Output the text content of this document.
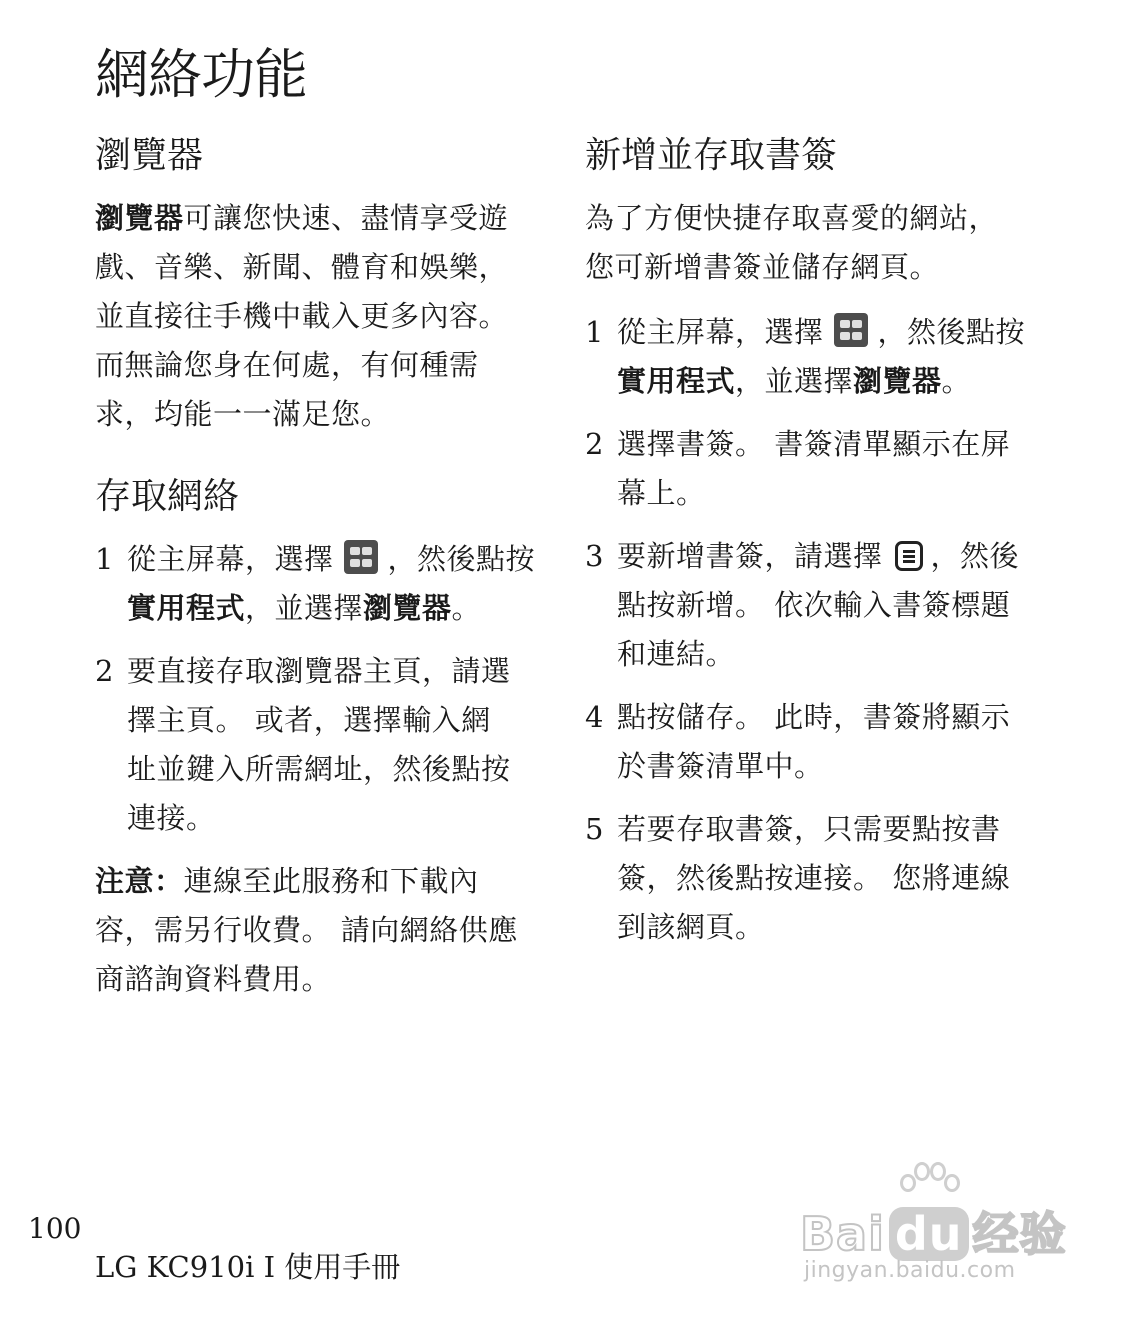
網絡功能
瀏覽器

瀏覽器可讓您快速、盡情享受遊
戲、音樂、新聞、體育和娛樂，
並直接往手機中載入更多內容。
而無論您身在何處，有何種需
求，均能一一滿足您。

存取網絡
1 從主屏幕，選擇 ，然後點按
實用程式，並選擇瀏覽器。
2 要直接存取瀏覽器主頁，請選
擇主頁。 或者，選擇輸入網
址並鍵入所需網址，然後點按
連接。

注意：連線至此服務和下載內
容，需另行收費。 請向網絡供應
商諮詢資料費用。

新增並存取書簽

為了方便快捷存取喜愛的網站，
您可新增書簽並儲存網頁。

1 從主屏幕，選擇 ，然後點按
實用程式，並選擇瀏覽器。
2 選擇書簽。 書簽清單顯示在屏
幕上。
3 要新增書簽，請選擇 ，然後
點按新增。 依次輸入書簽標題
和連結。
4 點按儲存。 此時，書簽將顯示
於書簽清單中。
5 若要存取書簽，只需要點按書
簽，然後點按連接。 您將連線
到該網頁。
100
LG KC910i I 使用手冊
Bai du 经验
jingyan.baidu.com
